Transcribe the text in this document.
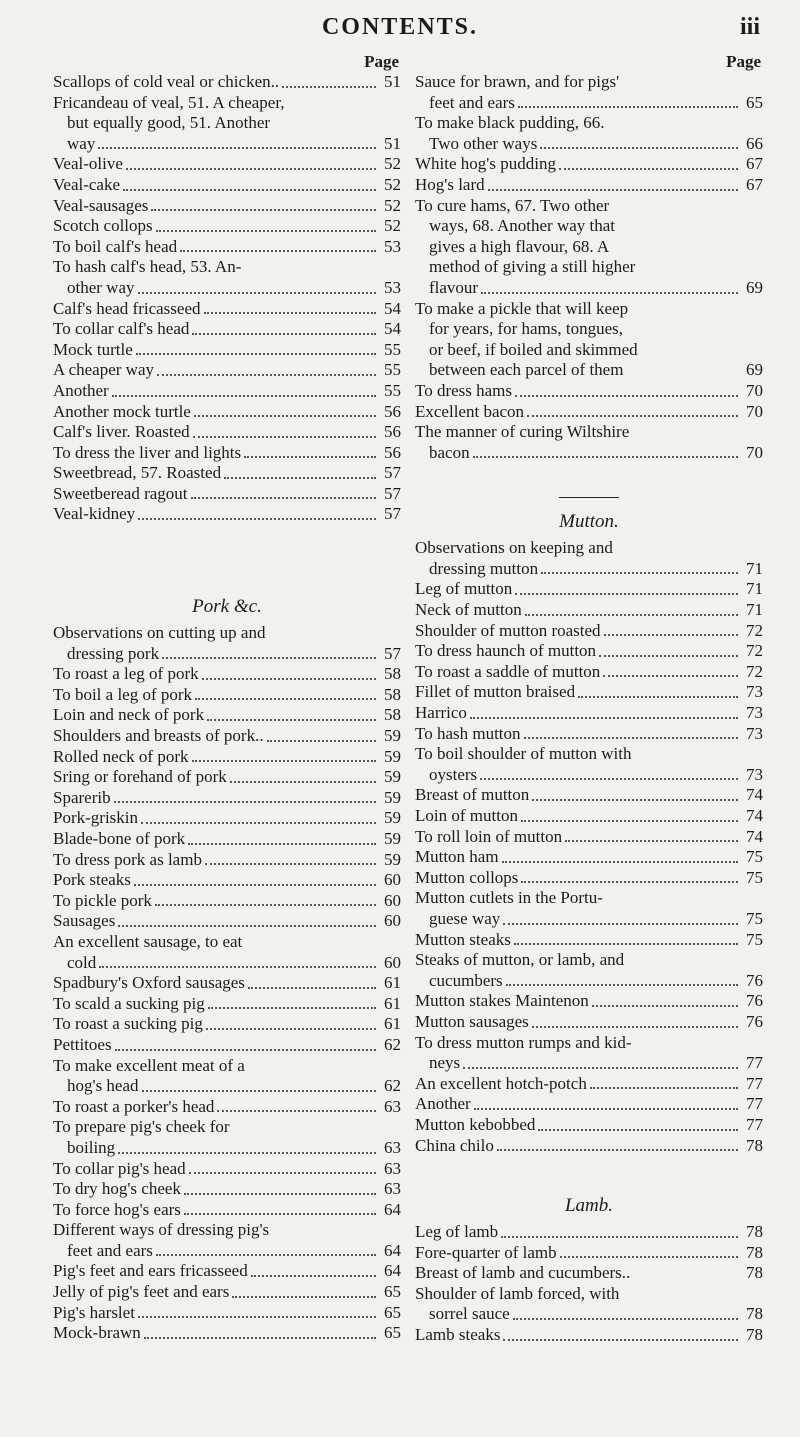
CONTENTS.	iii
Page
Scallops of cold veal or chicken..	51
Fricandeau of veal, 51. A cheaper,
but equally good, 51. Another
way	51
Veal-olive	52
Veal-cake	52
Veal-sausages	52
Scotch collops	52
To boil calf's head	53
To hash calf's head, 53. An-
other way	53
Calf's head fricasseed	54
To collar calf's head	54
Mock turtle	55
A cheaper way	55
Another	55
Another mock turtle	56
Calf's liver. Roasted	56
To dress the liver and lights	56
Sweetbread, 57. Roasted	57
Sweetberead ragout	57
Veal-kidney	57
Pork &c.
Observations on cutting up and
dressing pork	57
To roast a leg of pork	58
To boil a leg of pork	58
Loin and neck of pork	58
Shoulders and breasts of pork..	59
Rolled neck of pork	59
Sring or forehand of pork	59
Sparerib	59
Pork-griskin	59
Blade-bone of pork	59
To dress pork as lamb	59
Pork steaks	60
To pickle pork	60
Sausages	60
An excellent sausage, to eat
cold	60
Spadbury's Oxford sausages	61
To scald a sucking pig	61
To roast a sucking pig	61
Pettitoes	62
To make excellent meat of a
hog's head	62
To roast a porker's head	63
To prepare pig's cheek for
boiling	63
To collar pig's head	63
To dry hog's cheek	63
To force hog's ears	64
Different ways of dressing pig's
feet and ears	64
Pig's feet and ears fricasseed	64
Jelly of pig's feet and ears	65
Pig's harslet	65
Mock-brawn	65
Page
Sauce for brawn, and for pigs'
feet and ears	65
To make black pudding, 66.
Two other ways	66
White hog's pudding	67
Hog's lard	67
To cure hams, 67. Two other
ways, 68. Another way that
gives a high flavour, 68. A
method of giving a still higher
flavour	69
To make a pickle that will keep
for years, for hams, tongues,
or beef, if boiled and skimmed
between each parcel of them	69
To dress hams	70
Excellent bacon	70
The manner of curing Wiltshire
bacon	70
Mutton.
Observations on keeping and
dressing mutton	71
Leg of mutton	71
Neck of mutton	71
Shoulder of mutton roasted	72
To dress haunch of mutton	72
To roast a saddle of mutton	72
Fillet of mutton braised	73
Harrico	73
To hash mutton	73
To boil shoulder of mutton with
oysters	73
Breast of mutton	74
Loin of mutton	74
To roll loin of mutton	74
Mutton ham	75
Mutton collops	75
Mutton cutlets in the Portu-
guese way	75
Mutton steaks	75
Steaks of mutton, or lamb, and
cucumbers	76
Mutton stakes Maintenon	76
Mutton sausages	76
To dress mutton rumps and kid-
neys	77
An excellent hotch-potch	77
Another	77
Mutton kebobbed	77
China chilo	78
Lamb.
Leg of lamb	78
Fore-quarter of lamb	78
Breast of lamb and cucumbers..	78
Shoulder of lamb forced, with
sorrel sauce	78
Lamb steaks	78
